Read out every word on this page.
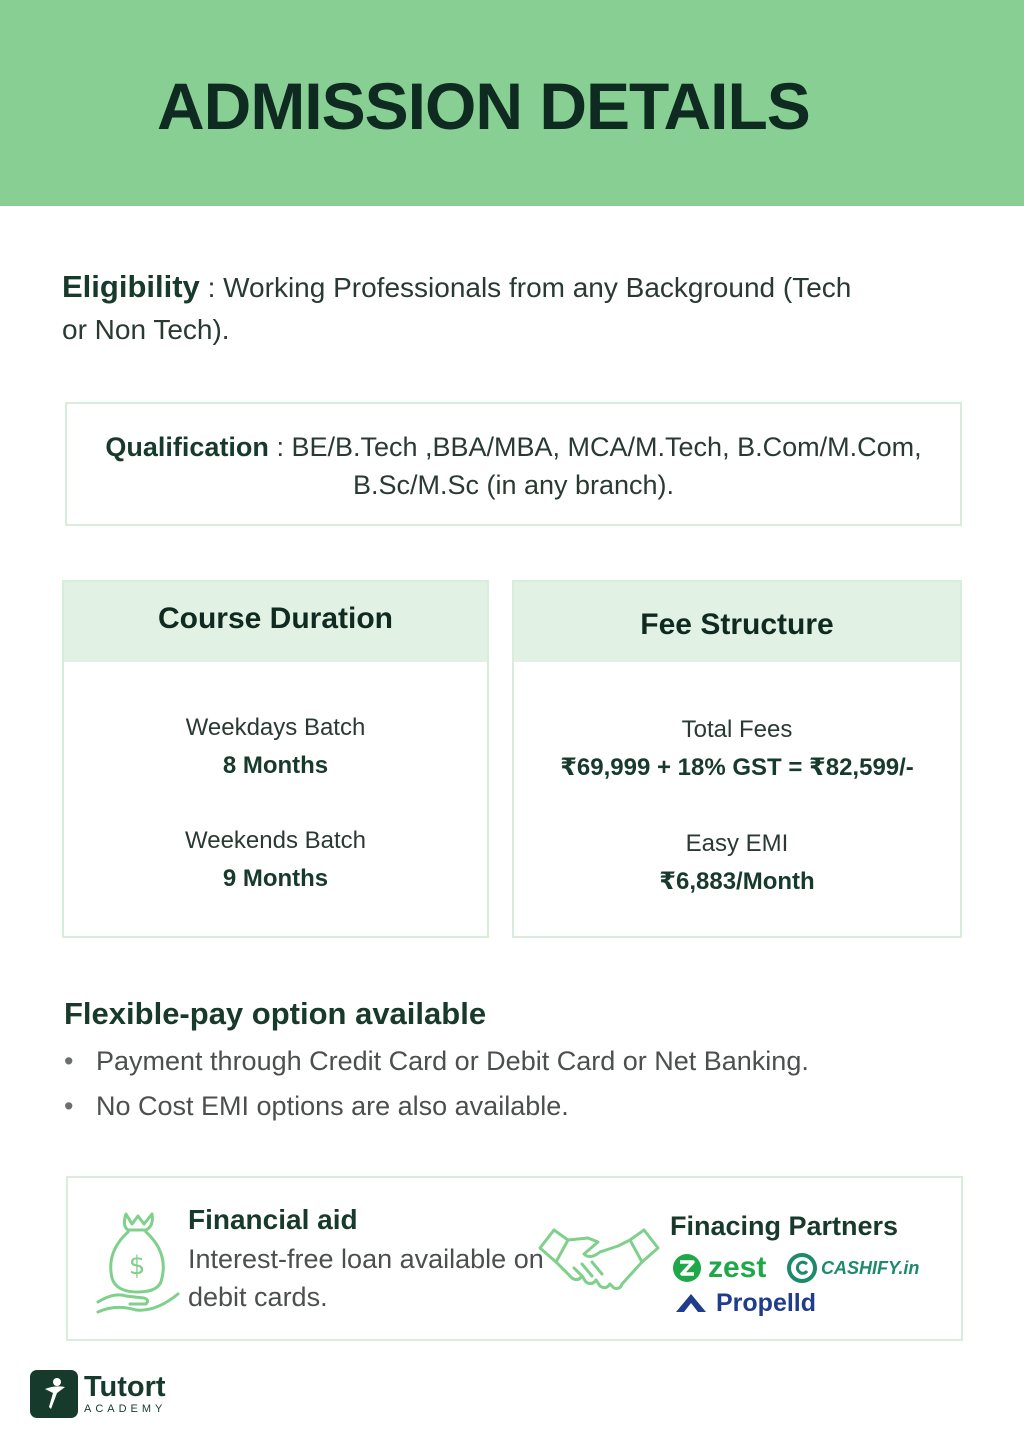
ADMISSION DETAILS

Eligibility : Working Professionals from any Background (Tech or Non Tech).

Qualification : BE/B.Tech ,BBA/MBA, MCA/M.Tech, B.Com/M.Com, B.Sc/M.Sc (in any branch).

Course Duration
Weekdays Batch
8 Months
Weekends Batch
9 Months
Fee Structure
Total Fees
₹69,999 + 18% GST = ₹82,599/-
Easy EMI
₹6,883/Month
Flexible-pay option available
• Payment through Credit Card or Debit Card or Net Banking.
• No Cost EMI options are also available.
$
Financial aid
Interest-free loan available on debit cards.
Finacing Partners
zest	CASHIFY.in
Propelld
Tutort
ACADEMY
